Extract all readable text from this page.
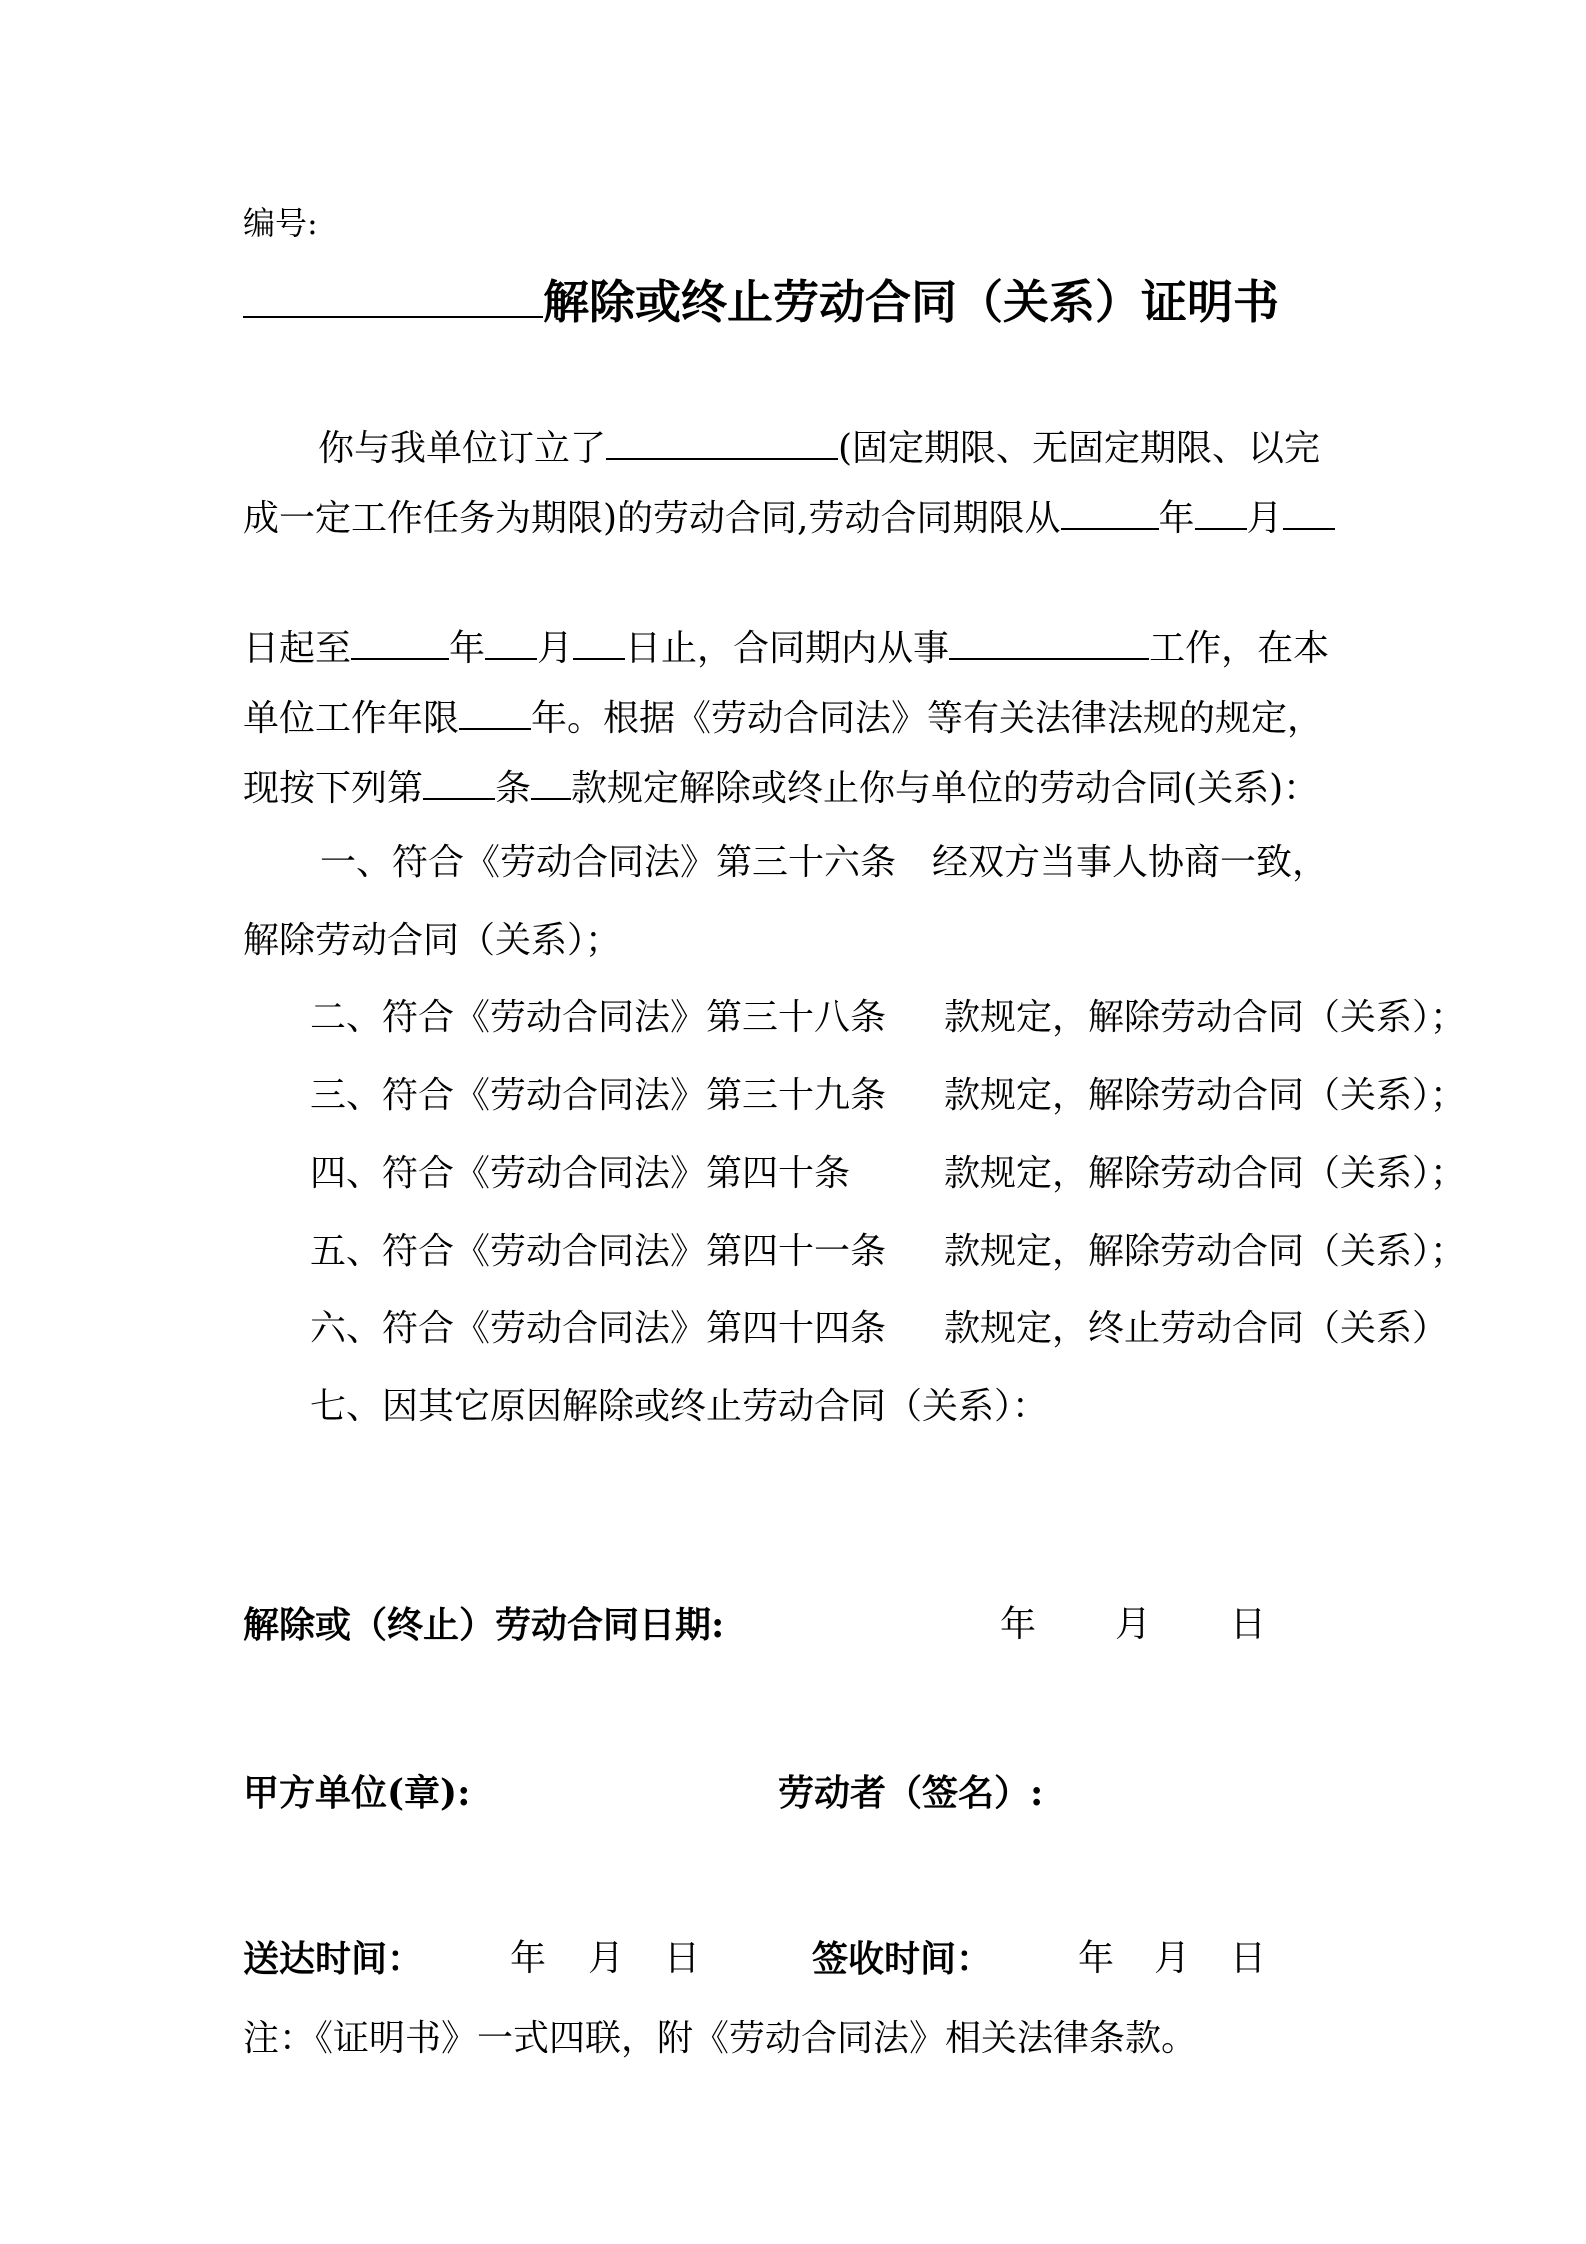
编号:
解除或终止劳动合同（关系）证明书
你与我单位订立了	(固定期限、无固定期限、以完
成一定工作任务为期限)的劳动合同,劳动合同期限从	年 月
日起至	年 月 日止，合同期内从事	工作，在本
单位工作年限 年。根据《劳动合同法》等有关法律法规的规定，
现按下列第 条 款规定解除或终止你与单位的劳动合同(关系)：
一、符合《劳动合同法》第三十六条　经双方当事人协商一致，
解除劳动合同（关系）；
二、符合《劳动合同法》第三十八条 款规定，解除劳动合同（关系）；
三、符合《劳动合同法》第三十九条 款规定，解除劳动合同（关系）；
四、符合《劳动合同法》第四十条	款规定，解除劳动合同（关系）；
五、符合《劳动合同法》第四十一条 款规定，解除劳动合同（关系）；
六、符合《劳动合同法》第四十四条 款规定，终止劳动合同（关系）
七、因其它原因解除或终止劳动合同（关系）：
解除或（终止）劳动合同日期:	年 月 日
甲方单位(章):	劳动者（签名）:
送达时间： 年 月 日	签收时间： 年 月 日
注：《证明书》一式四联，附《劳动合同法》相关法律条款。
